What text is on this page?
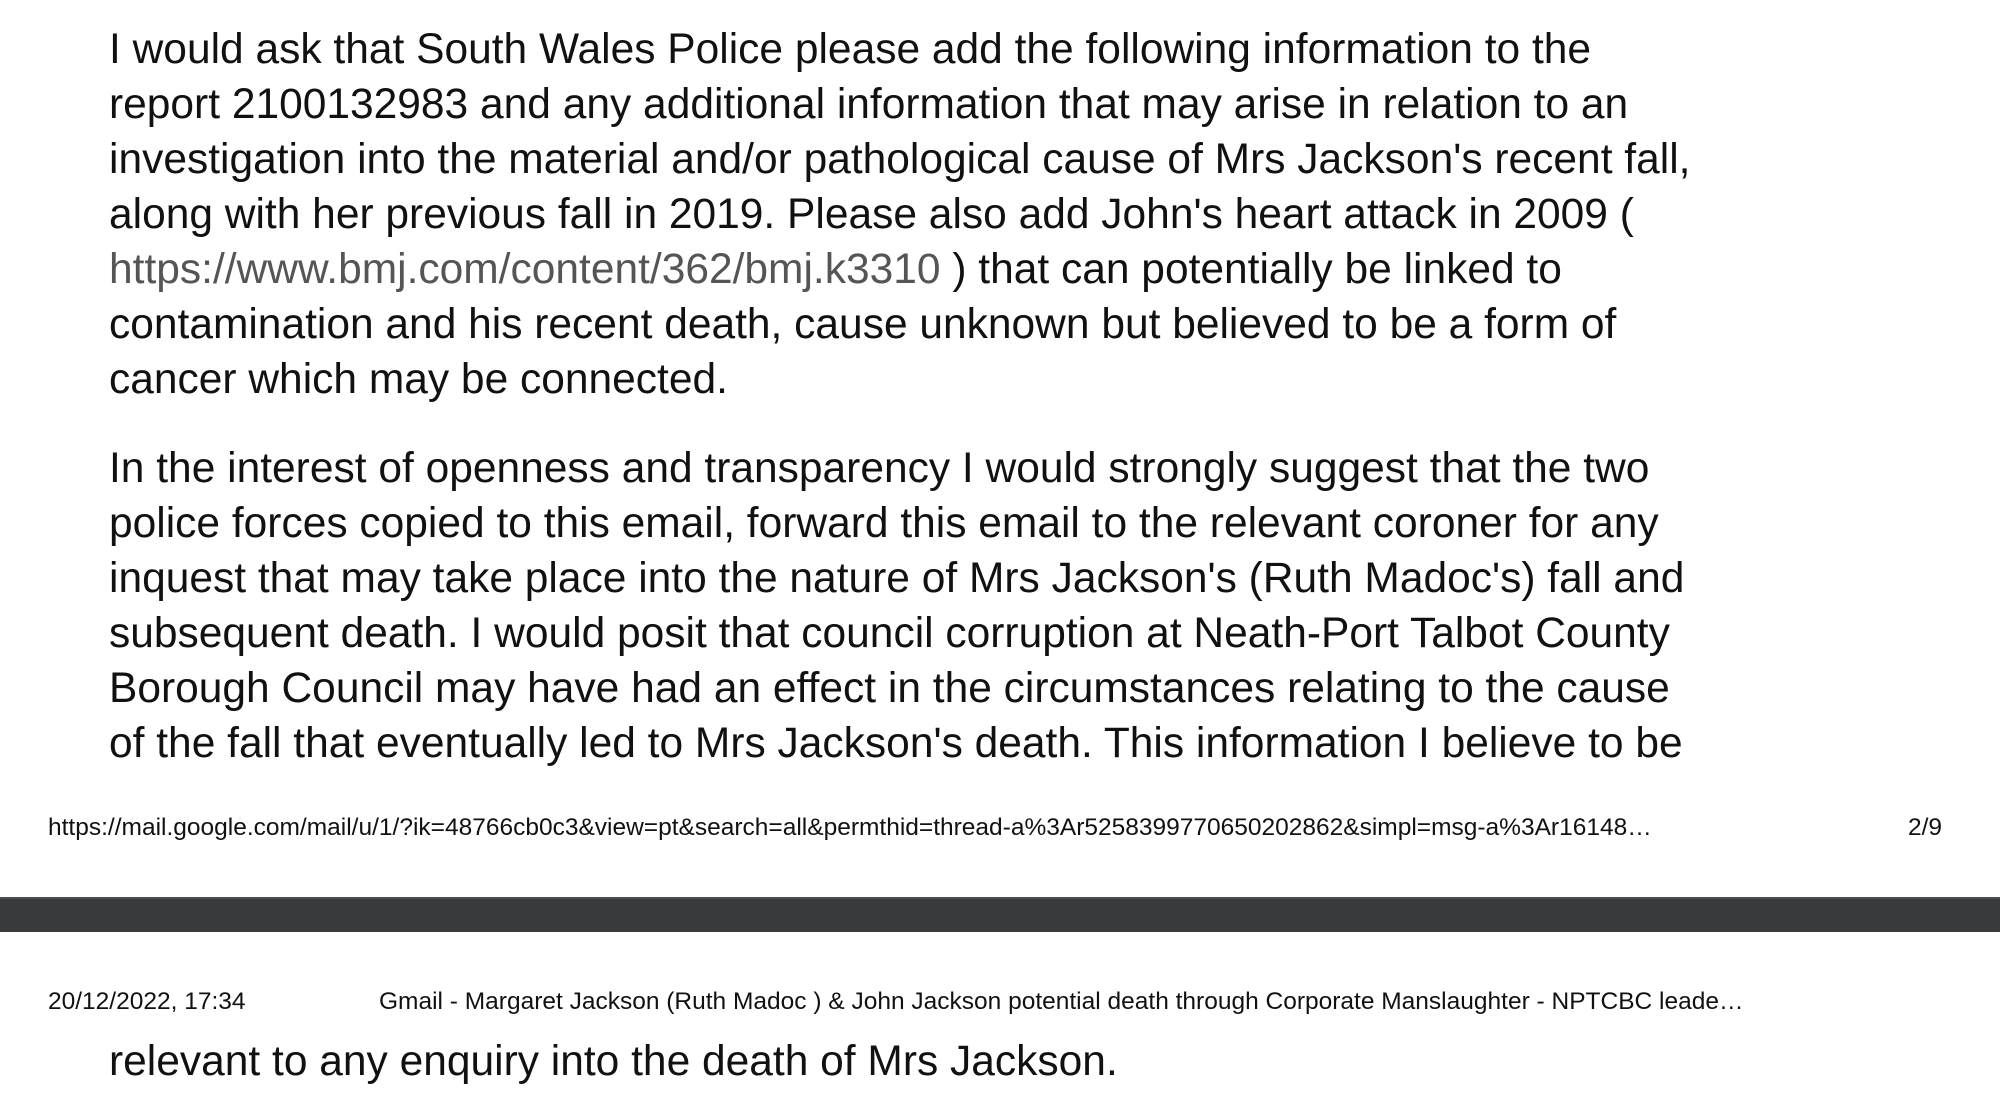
I would ask that South Wales Police please add the following information to the
report 2100132983 and any additional information that may arise in relation to an
investigation into the material and/or pathological cause of Mrs Jackson's recent fall,
along with her previous fall in 2019. Please also add John's heart attack in 2009 (
https://www.bmj.com/content/362/bmj.k3310 ) that can potentially be linked to
contamination and his recent death, cause unknown but believed to be a form of
cancer which may be connected.

In the interest of openness and transparency I would strongly suggest that the two
police forces copied to this email, forward this email to the relevant coroner for any
inquest that may take place into the nature of Mrs Jackson's (Ruth Madoc's) fall and
subsequent death. I would posit that council corruption at Neath-Port Talbot County
Borough Council may have had an effect in the circumstances relating to the cause
of the fall that eventually led to Mrs Jackson's death. This information I believe to be

https://mail.google.com/mail/u/1/?ik=48766cb0c3&view=pt&search=all&permthid=thread-a%3Ar5258399770650202862&simpl=msg-a%3Ar16148…	2/9
20/12/2022, 17:34	Gmail - Margaret Jackson (Ruth Madoc ) & John Jackson potential death through Corporate Manslaughter - NPTCBC leade…
relevant to any enquiry into the death of Mrs Jackson.
